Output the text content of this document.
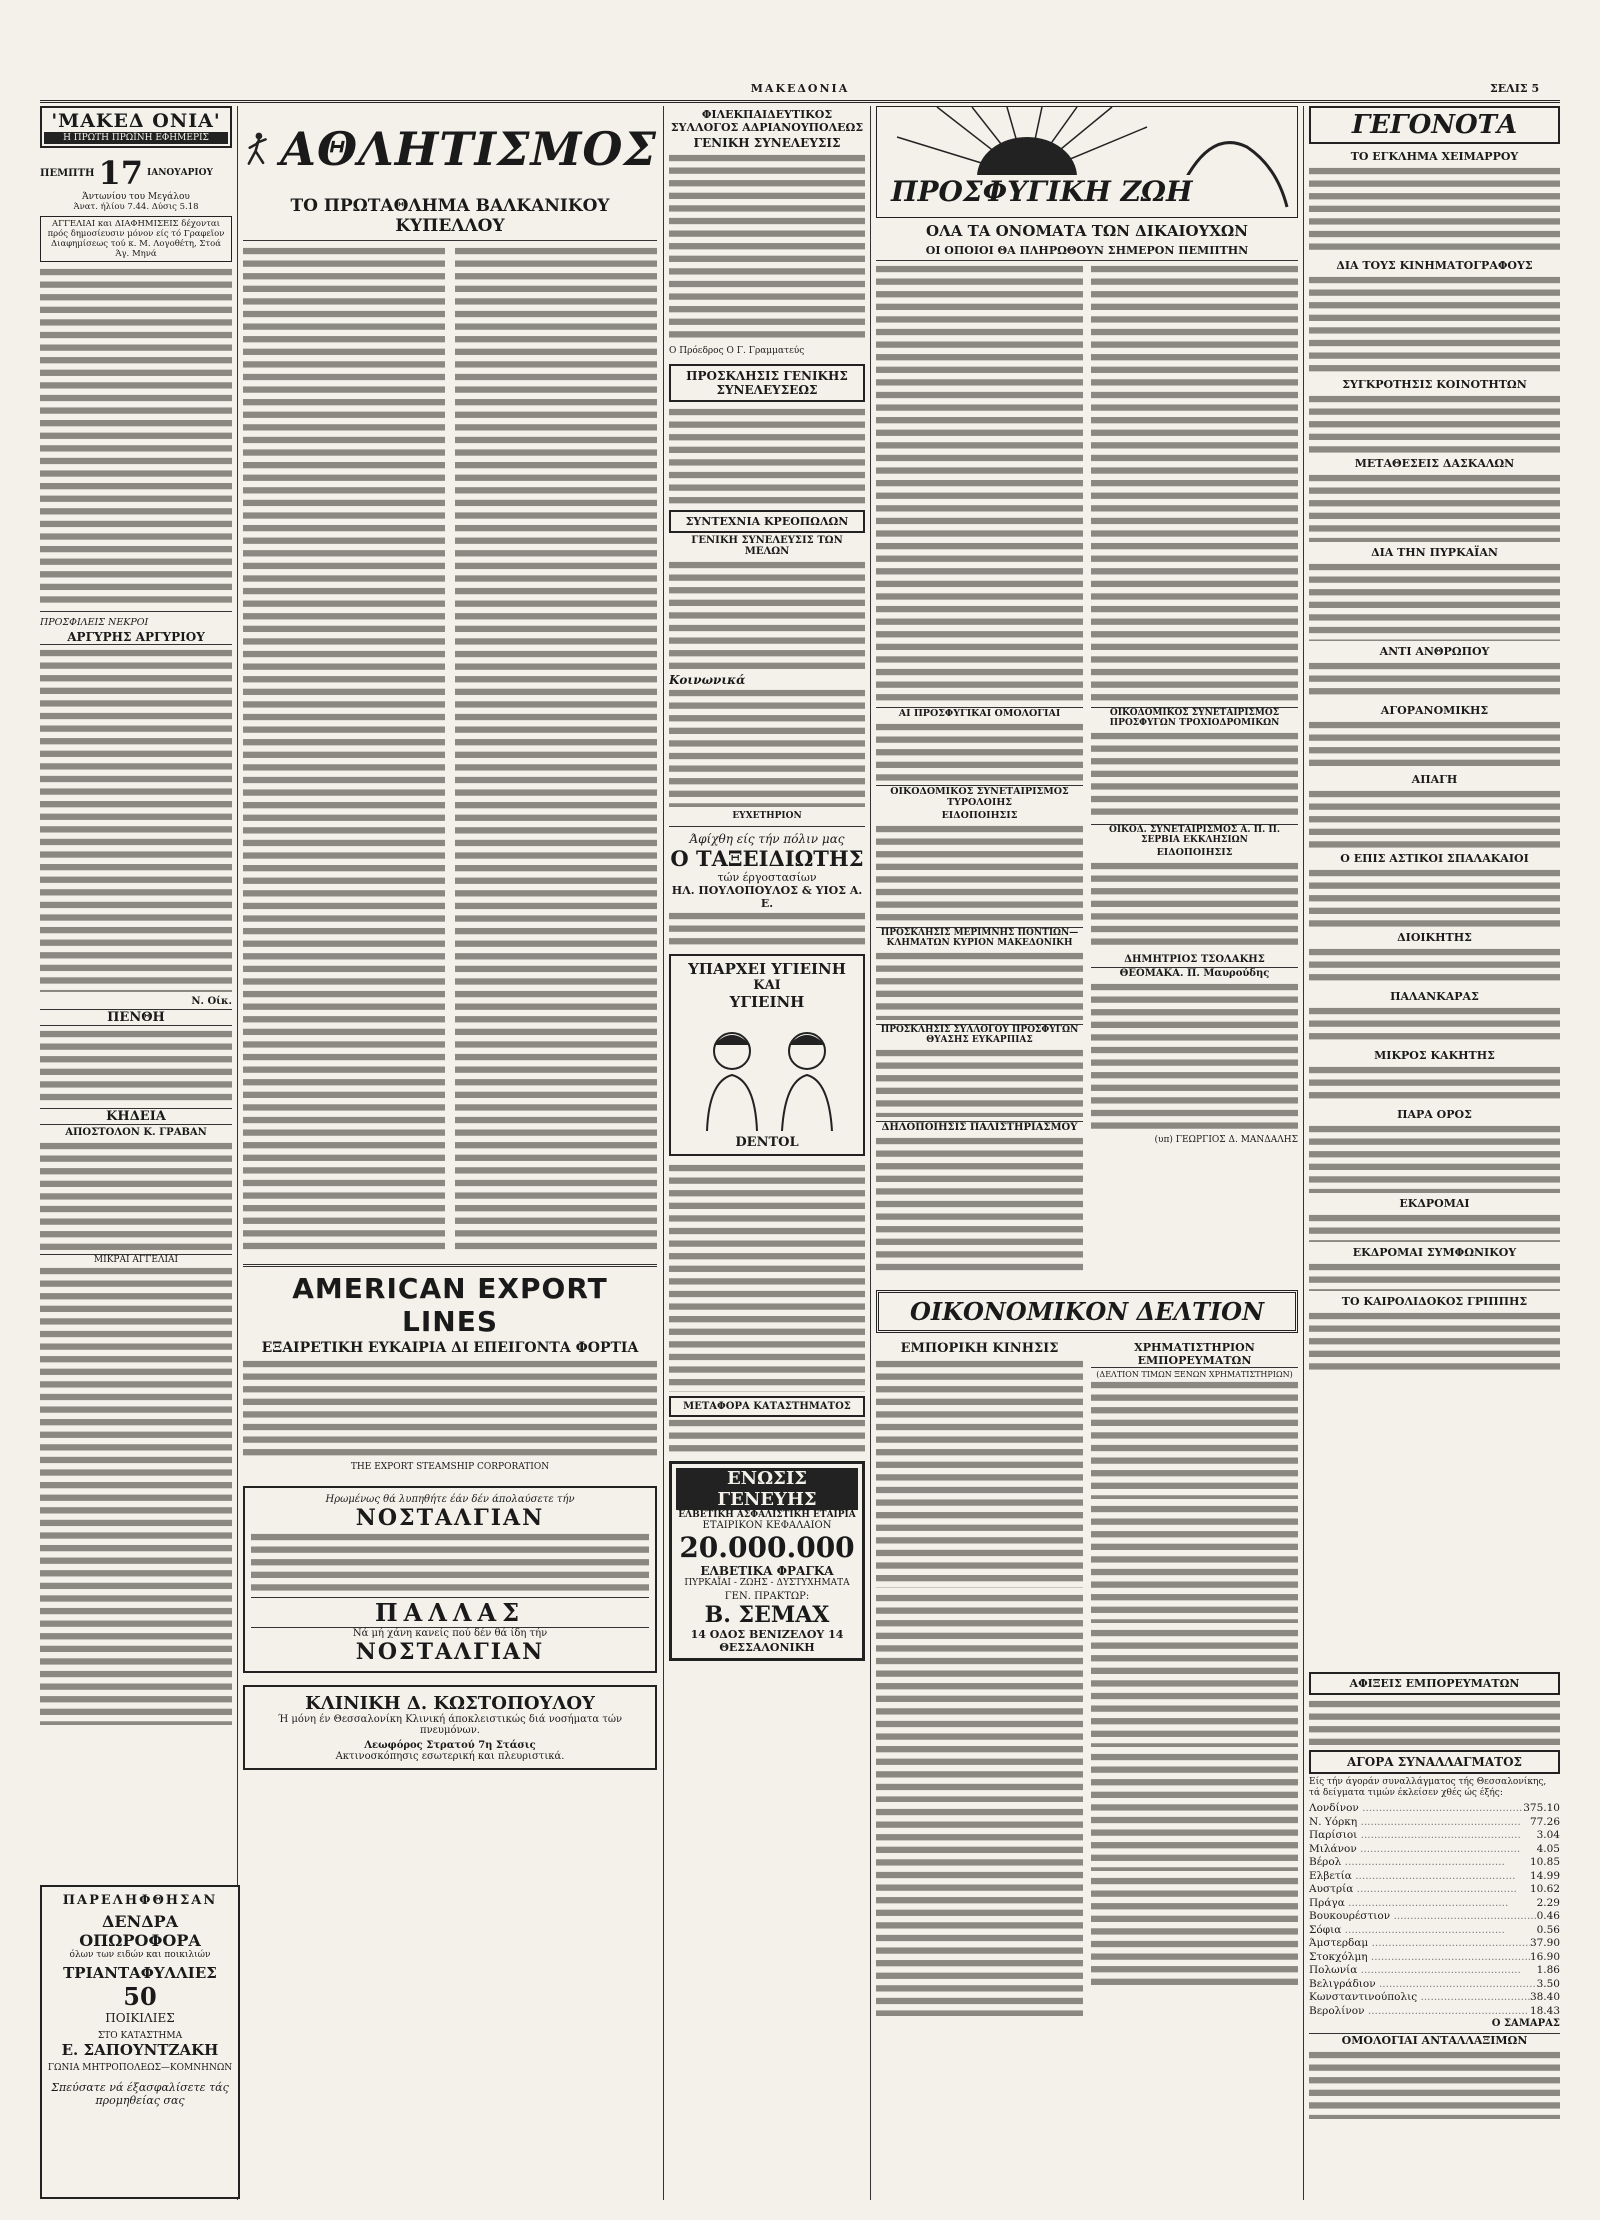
ΜΑΚΕΔΟΝΙΑ	ΣΕΛΙΣ 5
'ΜΑΚΕΔ ΟΝΙΑ'
Η ΠΡΩΤΗ ΠΡΩΪΝΗ ΕΦΗΜΕΡΙΣ
ΠΕΜΠΤΗ 17 ΙΑΝΟΥΑΡΙΟΥ
Άντωνίου του Μεγάλου
Άνατ. ήλίου 7.44. Δύσις 5.18
ΑΓΓΕΛΙΑΙ και ΔΙΑΦΗΜΙΣΕΙΣ δέχονται πρός δημοσίευσιν μόνον είς τό Γραφεϊον Διαφημίσεως τού κ. Μ. Λογοθέτη, Στοά Άγ. Μηνά

ΠΡΟΣΦΙΛΕΙΣ ΝΕΚΡΟΙ
ΑΡΓΥΡΗΣ ΑΡΓΥΡΙΟΥ

Ν. Οίκ.
ΠΕΝΘΗ

ΚΗΔΕΙΑ
ΑΠΟΣΤΟΛΟΝ Κ. ΓΡΑΒΑΝ

ΜΙΚΡΑΙ ΑΓΓΕΛΙΑΙ

ΠΑΡΕΛΗΦΘΗΣΑΝ
ΔΕΝΔΡΑ ΟΠΩΡΟΦΟΡΑ
όλων των ειδών και ποικιλιών
ΤΡΙΑΝΤΑΦΥΛΛΙΕΣ
50
ΠΟΙΚΙΛΙΕΣ
ΣΤΟ ΚΑΤΑΣΤΗΜΑ
Ε. ΣΑΠΟΥΝΤΖΑΚΗ
ΓΩΝΙΑ ΜΗΤΡΟΠΟΛΕΩΣ—ΚΟΜΝΗΝΩΝ
Σπεύσατε νά έξασφαλίσετε τάς προμηθείας σας
ΑΘΛΗΤΙΣΜΟΣ
ΤΟ ΠΡΩΤΑΘΛΗΜΑ ΒΑΛΚΑΝΙΚΟΥ ΚΥΠΕΛΛΟΥ

AMERICAN EXPORT LINES
ΕΞΑΙΡΕΤΙΚΗ ΕΥΚΑΙΡΙΑ ΔΙ ΕΠΕΙΓΟΝΤΑ ΦΟΡΤΙΑ

THE EXPORT STEAMSHIP CORPORATION
Ηρωμένως θά λυπηθήτε έάν δέν άπολαύσετε τήν
ΝΟΣΤΑΛΓΙΑΝ

ΠΑΛΛΑΣ
Νά μή χάνη κανείς πού δέν θά ίδη τήν
ΝΟΣΤΑΛΓΙΑΝ
ΚΛΙΝΙΚΗ Δ. ΚΩΣΤΟΠΟΥΛΟΥ
Ή μόνη έν Θεσσαλονίκη Κλινική άποκλειστικώς διά νοσήματα τών πνευμόνων.
Λεωφόρος Στρατού 7η Στάσις
Ακτινοσκόπησις εσωτερική και πλευριστικά.
ΦΙΛΕΚΠΑΙΔΕΥΤΙΚΟΣ ΣΥΛΛΟΓΟΣ ΑΔΡΙΑΝΟΥΠΟΛΕΩΣ
ΓΕΝΙΚΗ ΣΥΝΕΛΕΥΣΙΣ

Ο Πρόεδρος Ο Γ. Γραμματεύς
ΠΡΟΣΚΛΗΣΙΣ ΓΕΝΙΚΗΣ ΣΥΝΕΛΕΥΣΕΩΣ

ΣΥΝΤΕΧΝΙΑ ΚΡΕΟΠΩΛΩΝ
ΓΕΝΙΚΗ ΣΥΝΕΛΕΥΣΙΣ ΤΩΝ ΜΕΛΩΝ

Κοινωνικά

ΕΥΧΕΤΗΡΙΟΝ
Άφίχθη είς τήν πόλιν μας
Ο ΤΑΞΕΙΔΙΩΤΗΣ
τών έργοστασίων
ΗΛ. ΠΟΥΛΟΠΟΥΛΟΣ & ΥΙΟΣ Α. Ε.

ΥΠΑΡΧΕΙ ΥΓΙΕΙΝΗ
ΚΑΙ
ΥΓΙΕΙΝΗ
DENTOL

ΜΕΤΑΦΟΡΑ ΚΑΤΑΣΤΗΜΑΤΟΣ

ΕΝΩΣΙΣ ΓΕΝΕΥΗΣ
ΕΛΒΕΤΙΚΗ ΑΣΦΑΛΙΣΤΙΚΗ ΕΤΑΙΡΙΑ
ΕΤΑΙΡΙΚΟΝ ΚΕΦΑΛΑΙΟΝ
20.000.000
ΕΛΒΕΤΙΚΑ ΦΡΑΓΚΑ
ΠΥΡΚΑΪΑΙ - ΖΩΗΣ - ΔΥΣΤΥΧΗΜΑΤΑ
ΓΕΝ. ΠΡΑΚΤΩΡ:
Β. ΣΕΜΑΧ
14 ΟΔΟΣ ΒΕΝΙΖΕΛΟΥ 14
ΘΕΣΣΑΛΟΝΙΚΗ
ΠΡΟΣΦΥΓΙΚΗ ΖΩΗ
ΟΛΑ ΤΑ ΟΝΟΜΑΤΑ ΤΩΝ ΔΙΚΑΙΟΥΧΩΝ
ΟΙ ΟΠΟΙΟΙ ΘΑ ΠΛΗΡΩΘΟΥΝ ΣΗΜΕΡΟΝ ΠΕΜΠΤΗΝ

ΑΙ ΠΡΟΣΦΥΓΙΚΑΙ ΟΜΟΛΟΓΙΑΙ

ΟΙΚΟΔΟΜΙΚΟΣ ΣΥΝΕΤΑΙΡΙΣΜΟΣ ΤΥΡΟΛΟΙΗΣ
ΕΙΔΟΠΟΙΗΣΙΣ

ΠΡΟΣΚΛΗΣΙΣ ΜΕΡΙΜΝΗΣ ΠΟΝΤΙΩΝ—ΚΛΗΜΑΤΩΝ ΚΥΡΙΟΝ ΜΑΚΕΔΟΝΙΚΗ

ΠΡΟΣΚΛΗΣΙΣ ΣΥΛΛΟΓΟΥ ΠΡΟΣΦΥΓΩΝ ΘΥΑΣΗΣ ΕΥΚΑΡΠΙΑΣ

ΔΗΛΟΠΟΙΗΣΙΣ ΠΑΛΙΣΤΗΡΙΑΣΜΟΥ

ΟΙΚΟΔΟΜΙΚΟΣ ΣΥΝΕΤΑΙΡΙΣΜΟΣ ΠΡΟΣΦΥΓΩΝ ΤΡΟΧΙΟΔΡΟΜΙΚΩΝ

ΟΙΚΟΔ. ΣΥΝΕΤΑΙΡΙΣΜΟΣ Α. Π. Π. ΣΕΡΒΙΑ ΕΚΚΛΗΣΙΩΝ
ΕΙΔΟΠΟΙΗΣΙΣ

ΔΗΜΗΤΡΙΟΣ ΤΣΟΛΑΚΗΣ
ΘΕΟΜΑΚΑ. Π. Μαυρούδης

(υπ) ΓΕΩΡΓΙΟΣ Δ. ΜΑΝΔΑΛΗΣ
ΟΙΚΟΝΟΜΙΚΟΝ ΔΕΛΤΙΟΝ
ΕΜΠΟΡΙΚΗ ΚΙΝΗΣΙΣ	ΧΡΗΜΑΤΙΣΤΗΡΙΟΝ ΕΜΠΟΡΕΥΜΑΤΩΝ
(ΔΕΛΤΙΟΝ ΤΙΜΩΝ ΞΕΝΩΝ ΧΡΗΜΑΤΙΣΤΗΡΙΩΝ)

ΓΕΓΟΝΟΤΑ
ΤΟ ΕΓΚΛΗΜΑ ΧΕΙΜΑΡΡΟΥ

ΔΙΑ ΤΟΥΣ ΚΙΝΗΜΑΤΟΓΡΑΦΟΥΣ

ΣΥΓΚΡΟΤΗΣΙΣ ΚΟΙΝΟΤΗΤΩΝ

ΜΕΤΑΘΕΣΕΙΣ ΔΑΣΚΑΛΩΝ

ΔΙΑ ΤΗΝ ΠΥΡΚΑΪΑΝ

ΑΝΤΙ ΑΝΘΡΩΠΟΥ

ΑΓΟΡΑΝΟΜΙΚΗΣ

ΑΠΑΓΗ

Ο ΕΠΙΣ ΑΣΤΙΚΟΙ ΣΠΑΛΑΚΑΙΟΙ

ΔΙΟΙΚΗΤΗΣ

ΠΑΛΑΝΚΑΡΑΣ

ΜΙΚΡΟΣ ΚΑΚΗΤΗΣ

ΠΑΡΑ ΟΡΟΣ

ΕΚΔΡΟΜΑΙ

ΕΚΔΡΟΜΑΙ ΣΥΜΦΩΝΙΚΟΥ

ΤΟ ΚΑΙΡΟΛΙΔΟΚΟΣ ΓΡΙΠΠΗΣ

ΑΦΙΞΕΙΣ ΕΜΠΟΡΕΥΜΑΤΩΝ

ΑΓΟΡΑ ΣΥΝΑΛΛΑΓΜΑΤΟΣ
Είς τήν άγοράν συναλλάγματος τής Θεσσαλονίκης, τά δείγματα τιμών έκλείσεν χθές ώς έξής:
Λονδίνον .....	375.10
Ν. Υόρκη .....	77.26
Παρίσιοι .....	3.04
Μιλάνον .....	4.05
Βέρολ .....	10.85
Ελβετία .....	14.99
Αυστρία .....	10.62
Πράγα .....	2.29
Βουκουρέστιον .....	0.46
Σόφια .....	0.56
Άμστερδαμ .....	37.90
Στοκχόλμη .....	16.90
Πολωνία .....	1.86
Βελιγράδιον .....	3.50
Κωνσταντινούπολις .....	38.40
Βερολίνον .....	18.43
Ο ΣΑΜΑΡΑΣ
ΟΜΟΛΟΓΙΑΙ ΑΝΤΑΛΛΑΞΙΜΩΝ
